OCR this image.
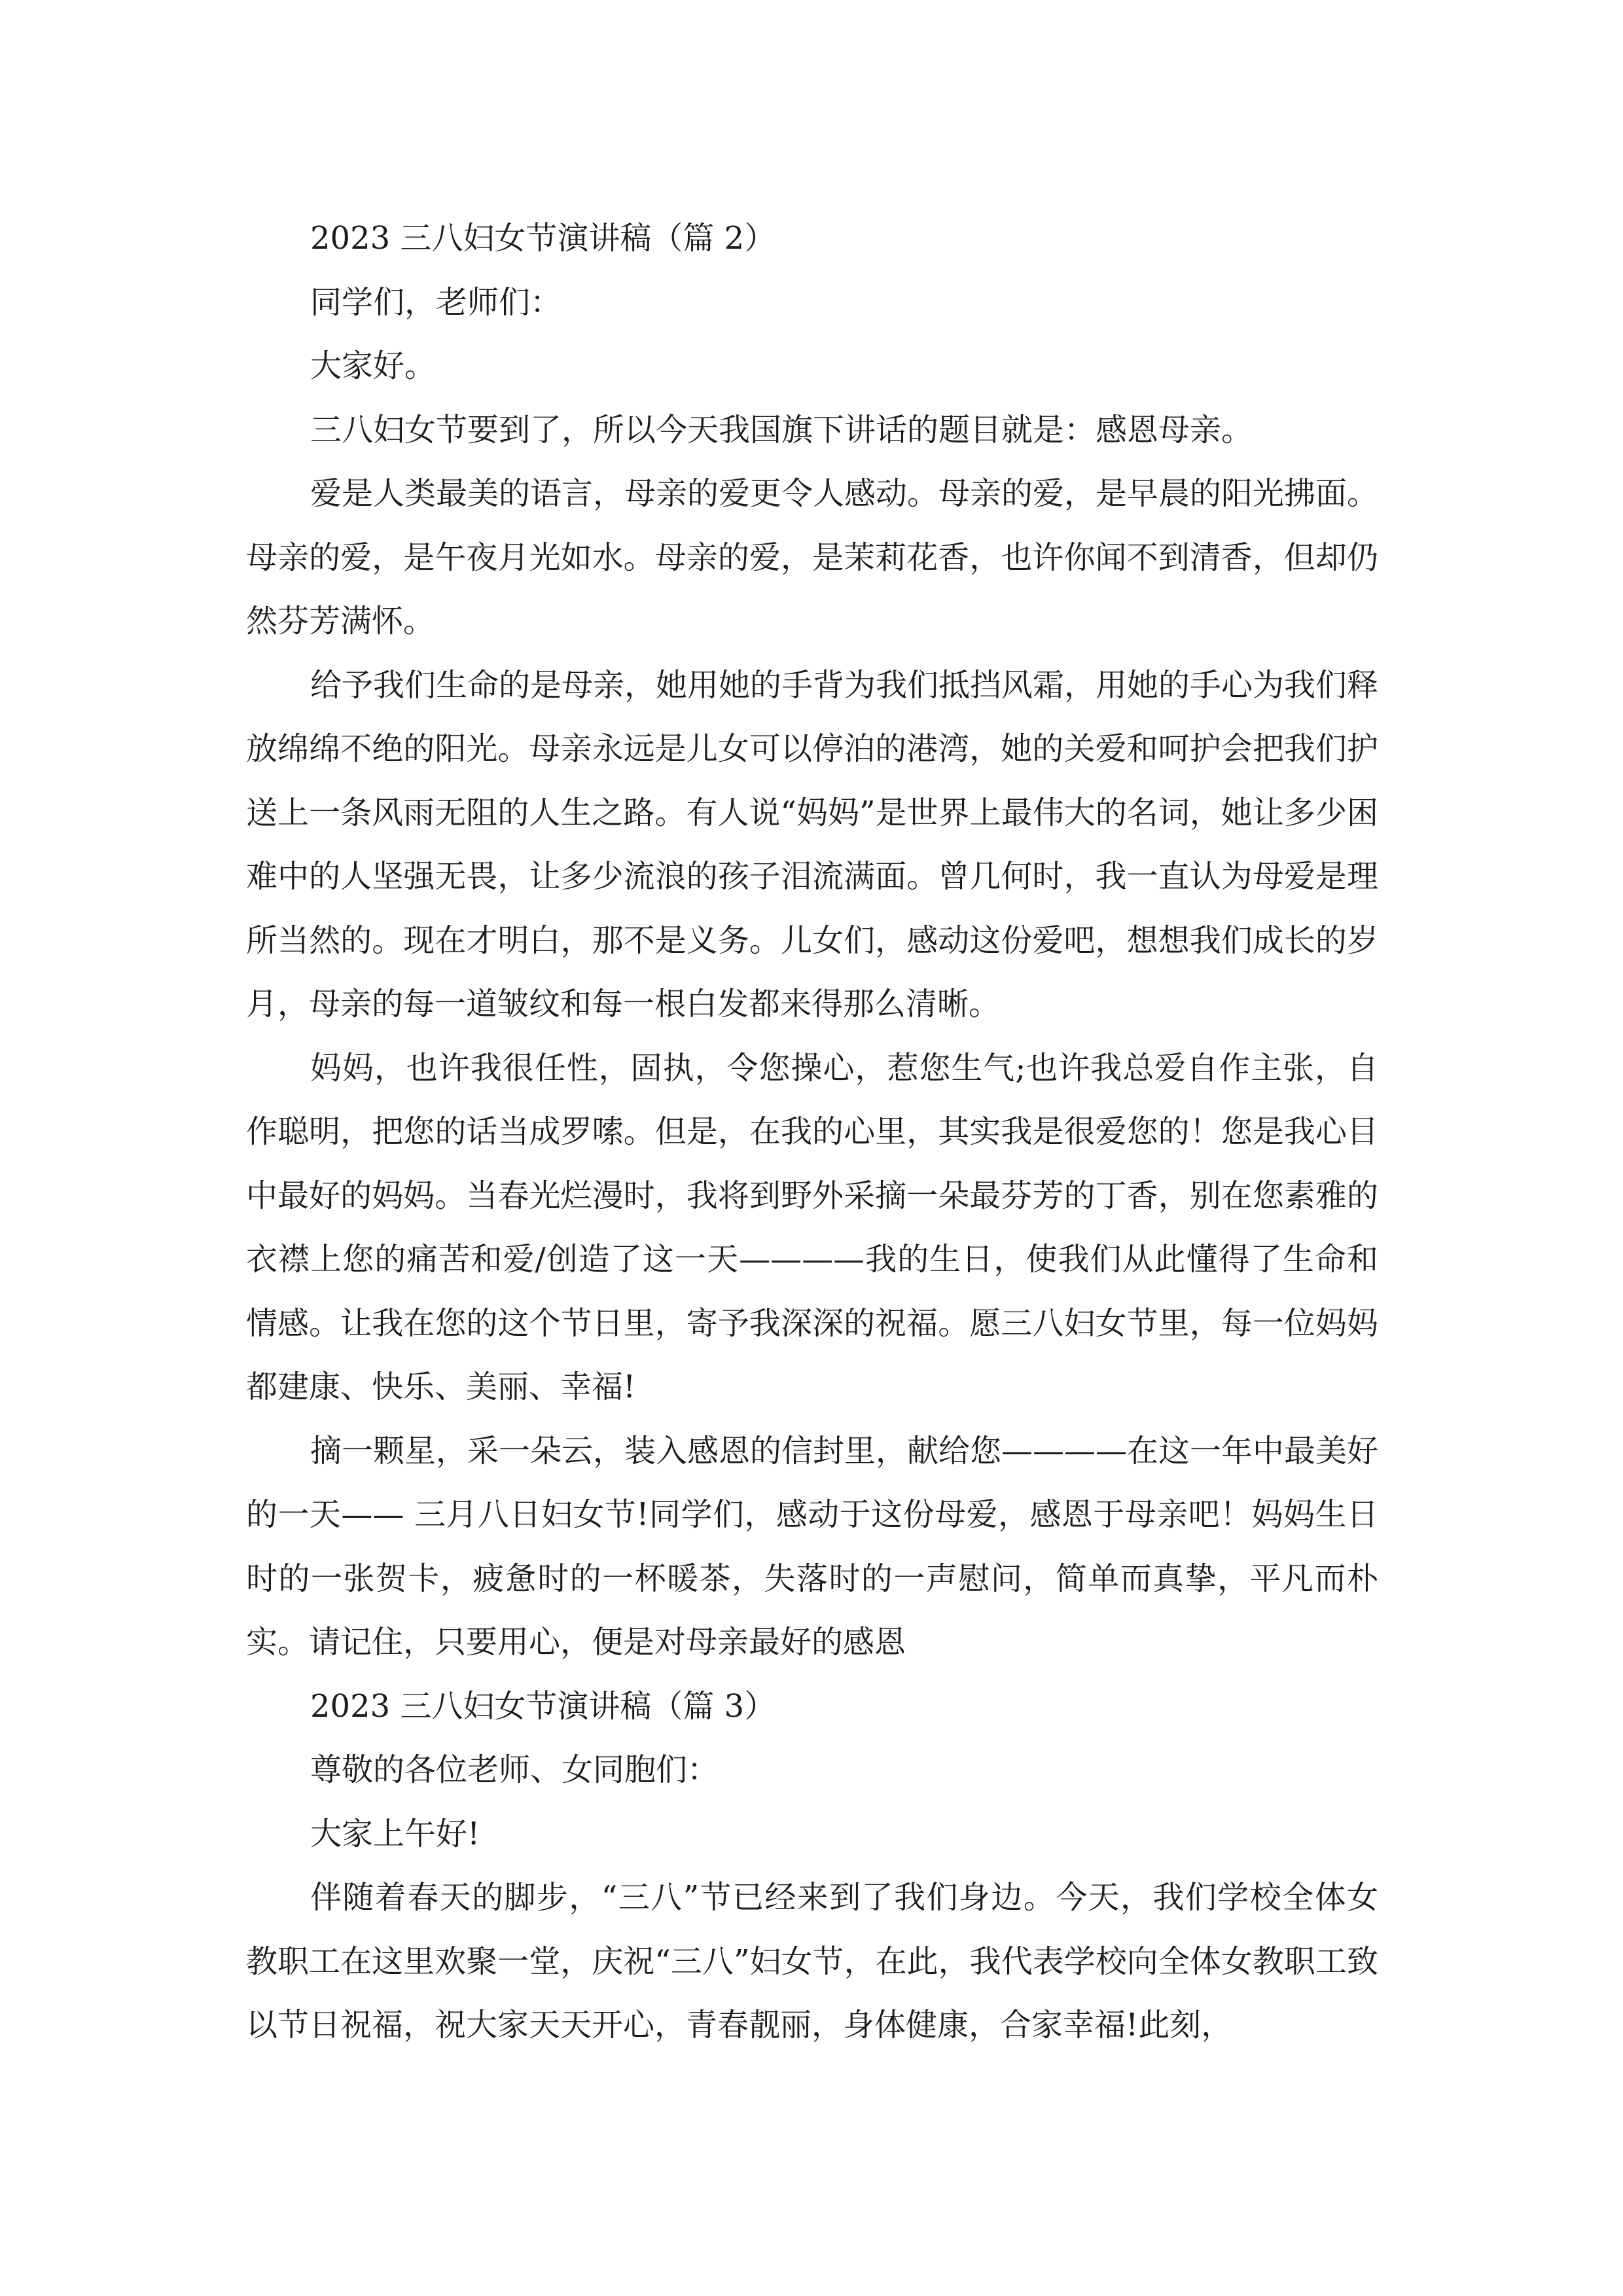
2023 三八妇女节演讲稿（篇 2）
同学们，老师们：
大家好。
三八妇女节要到了，所以今天我国旗下讲话的题目就是：感恩母亲。
爱是人类最美的语言，母亲的爱更令人感动。母亲的爱，是早晨的阳光拂面。母亲的爱，是午夜月光如水。母亲的爱，是茉莉花香，也许你闻不到清香，但却仍然芬芳满怀。
给予我们生命的是母亲，她用她的手背为我们抵挡风霜，用她的手心为我们释放绵绵不绝的阳光。母亲永远是儿女可以停泊的港湾，她的关爱和呵护会把我们护送上一条风雨无阻的人生之路。有人说“妈妈”是世界上最伟大的名词，她让多少困难中的人坚强无畏，让多少流浪的孩子泪流满面。曾几何时，我一直认为母爱是理所当然的。现在才明白，那不是义务。儿女们，感动这份爱吧，想想我们成长的岁月，母亲的每一道皱纹和每一根白发都来得那么清晰。
妈妈，也许我很任性，固执，令您操心，惹您生气;也许我总爱自作主张，自作聪明，把您的话当成罗嗦。但是，在我的心里，其实我是很爱您的！您是我心目中最好的妈妈。当春光烂漫时，我将到野外采摘一朵最芬芳的丁香，别在您素雅的衣襟上您的痛苦和爱/创造了这一天————我的生日，使我们从此懂得了生命和情感。让我在您的这个节日里，寄予我深深的祝福。愿三八妇女节里，每一位妈妈都建康、快乐、美丽、幸福!
摘一颗星，采一朵云，装入感恩的信封里，献给您————在这一年中最美好的一天—— 三月八日妇女节!同学们，感动于这份母爱，感恩于母亲吧！妈妈生日时的一张贺卡，疲惫时的一杯暖茶，失落时的一声慰问，简单而真挚，平凡而朴实。请记住，只要用心，便是对母亲最好的感恩
2023 三八妇女节演讲稿（篇 3）
尊敬的各位老师、女同胞们：
大家上午好!
伴随着春天的脚步，“三八”节已经来到了我们身边。今天，我们学校全体女教职工在这里欢聚一堂，庆祝“三八”妇女节，在此，我代表学校向全体女教职工致以节日祝福，祝大家天天开心，青春靓丽，身体健康，合家幸福!此刻，
